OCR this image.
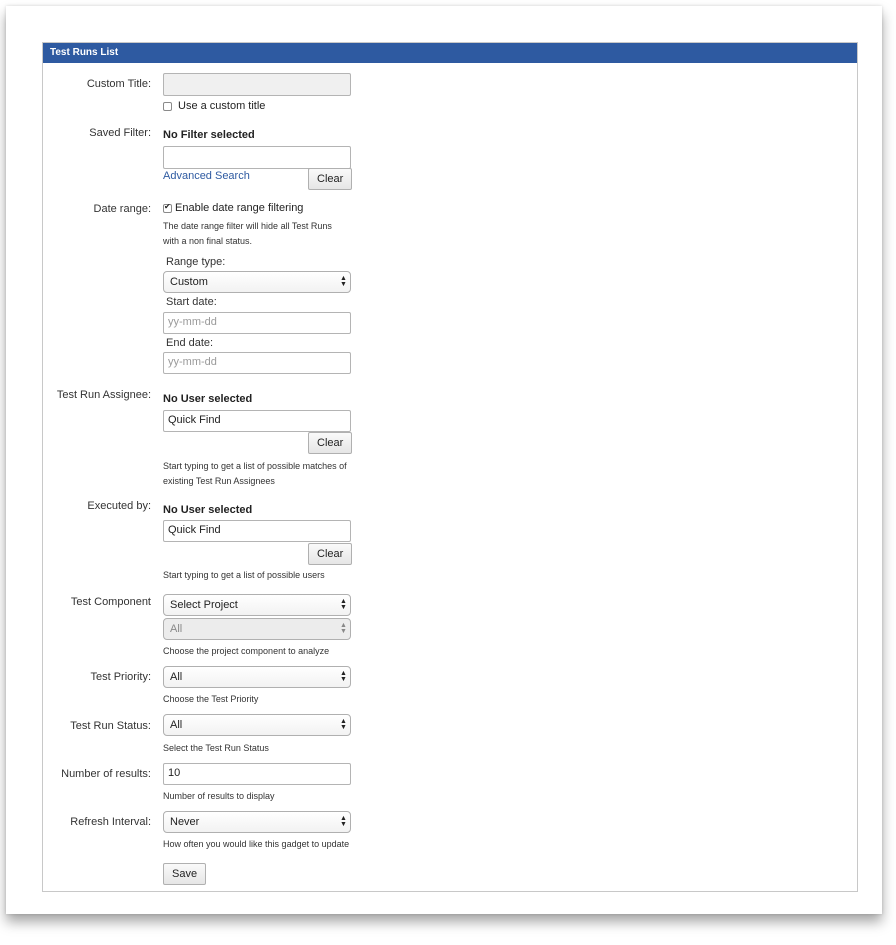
Test Runs List
Custom Title:
Use a custom title
Saved Filter: No Filter selected
Advanced Search	Clear
Date range:
✔ Enable date range filtering
The date range filter will hide all Test Runs
with a non final status.
Range type:
Custom	▲
▼
Start date:
yy-mm-dd
End date:
yy-mm-dd
Test Run Assignee: No User selected
Quick Find
Clear
Start typing to get a list of possible matches of
existing Test Run Assignees
Executed by: No User selected
Quick Find
Clear
Start typing to get a list of possible users
Test Component	Select Project	▲
▼
All	▲
▼
Choose the project component to analyze
Test Priority:	All	▲
▼
Choose the Test Priority
Test Run Status:	All	▲
▼
Select the Test Run Status
Number of results:	10
Number of results to display
Refresh Interval:	Never	▲
▼
How often you would like this gadget to update
Save
